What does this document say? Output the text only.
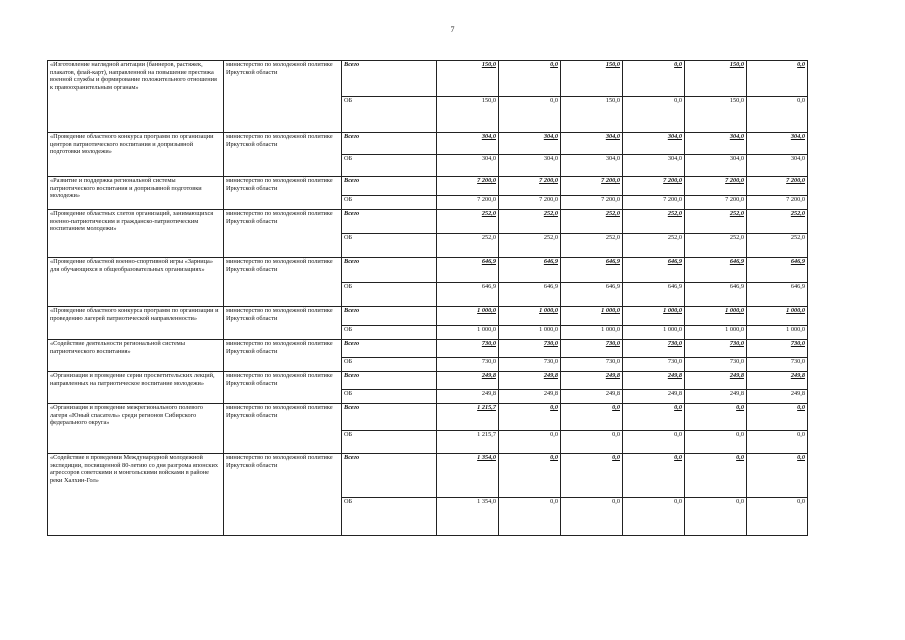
7
«Изготовление наглядной агитации (баннеров, растяжек, плакатов, флай-карт), направленной на повышение престижа военной службы и формирование положительного отношения к правоохранительным органам»	министерство по молодежной политике Иркутской области	Всего	150,0	0,0	150,0	0,0	150,0	0,0
		ОБ	150,0	0,0	150,0	0,0	150,0	0,0
«Проведение областного конкурса программ по организации центров патриотического воспитания и допризывной подготовки молодежи»	министерство по молодежной политике Иркутской области	Всего	304,0	304,0	304,0	304,0	304,0	304,0
		ОБ	304,0	304,0	304,0	304,0	304,0	304,0
«Развитие и поддержка региональной системы патриотического воспитания и допризывной подготовки молодежи»	министерство по молодежной политике Иркутской области	Всего	7 200,0	7 200,0	7 200,0	7 200,0	7 200,0	7 200,0
		ОБ	7 200,0	7 200,0	7 200,0	7 200,0	7 200,0	7 200,0
«Проведение областных слетов организаций, занимающихся военно-патриотическим и гражданско-патриотическим воспитанием молодежи»	министерство по молодежной политике Иркутской области	Всего	252,0	252,0	252,0	252,0	252,0	252,0
		ОБ	252,0	252,0	252,0	252,0	252,0	252,0
«Проведение областной военно-спортивной игры «Зарница» для обучающихся в общеобразовательных организациях»	министерство по молодежной политике Иркутской области	Всего	646,9	646,9	646,9	646,9	646,9	646,9
		ОБ	646,9	646,9	646,9	646,9	646,9	646,9
«Проведение областного конкурса программ по организации и проведению лагерей патриотической направленности»	министерство по молодежной политике Иркутской области	Всего	1 000,0	1 000,0	1 000,0	1 000,0	1 000,0	1 000,0
		ОБ	1 000,0	1 000,0	1 000,0	1 000,0	1 000,0	1 000,0
«Содействие деятельности региональной системы патриотического воспитания»	министерство по молодежной политике Иркутской области	Всего	730,0	730,0	730,0	730,0	730,0	730,0
		ОБ	730,0	730,0	730,0	730,0	730,0	730,0
«Организация и проведение серии просветительских лекций, направленных на патриотическое воспитание молодежи»	министерство по молодежной политике Иркутской области	Всего	249,8	249,8	249,8	249,8	249,8	249,8
		ОБ	249,8	249,8	249,8	249,8	249,8	249,8
«Организация и проведение межрегионального полевого лагеря «Юный спасатель» среди регионов Сибирского федерального округа»	министерство по молодежной политике Иркутской области	Всего	1 215,7	0,0	0,0	0,0	0,0	0,0
		ОБ	1 215,7	0,0	0,0	0,0	0,0	0,0
«Содействие в проведении Международной молодежной экспедиции, посвященной 80-летию со дня разгрома японских агрессоров советскими и монгольскими войсками в районе реки Халхин-Гол»	министерство по молодежной политике Иркутской области	Всего	1 354,0	0,0	0,0	0,0	0,0	0,0
		ОБ	1 354,0	0,0	0,0	0,0	0,0	0,0
